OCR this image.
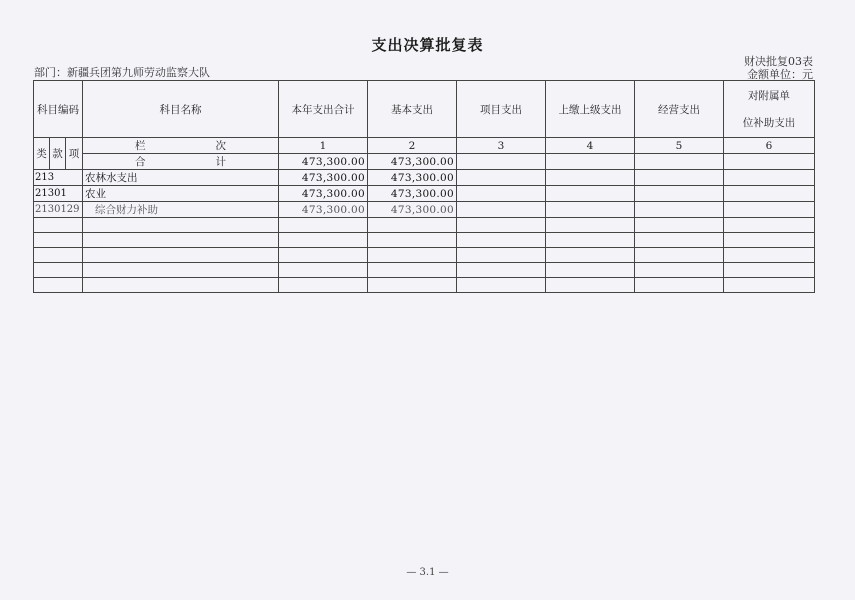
支出决算批复表
部门：新疆兵团第九师劳动监察大队
财决批复03表
金额单位：元
科目编码			科目名称	本年支出合计	基本支出	项目支出	上缴上级支出	经营支出	对附属单
位补助支出

类	款	项	栏 次	1	2	3	4	5	6

			合 计	473,300.00	473,300.00				
213			农林水支出	473,300.00	473,300.00				
21301			农业	473,300.00	473,300.00				
2130129			综合财力补助	473,300.00	473,300.00				

— 3.1 —
